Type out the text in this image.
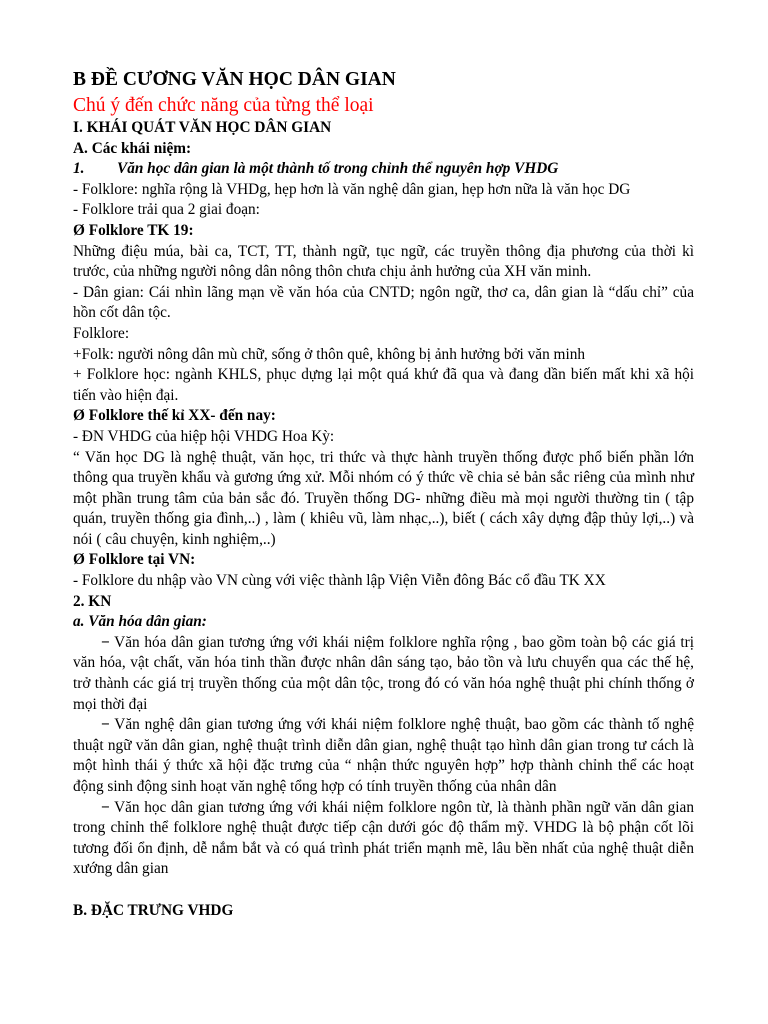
B ĐỀ CƯƠNG VĂN HỌC DÂN GIAN
Chú ý đến chức năng của từng thể loại
I. KHÁI QUÁT VĂN HỌC DÂN GIAN
A. Các khái niệm:
1. Văn học dân gian là một thành tố trong chỉnh thể nguyên hợp VHDG

- Folklore: nghĩa rộng là VHDg, hẹp hơn là văn nghệ dân gian, hẹp hơn nữa là văn học DG

- Folklore trải qua 2 giai đoạn:

Ø Folklore TK 19:

Những điệu múa, bài ca, TCT, TT, thành ngữ, tục ngữ, các truyền thông địa phương của thời kì trước, của những người nông dân nông thôn chưa chịu ảnh hưởng của XH văn minh.

- Dân gian: Cái nhìn lãng mạn về văn hóa của CNTD; ngôn ngữ, thơ ca, dân gian là “dấu chỉ” của hồn cốt dân tộc.

Folklore:

+Folk: người nông dân mù chữ, sống ở thôn quê, không bị ảnh hưởng bởi văn minh

+ Folklore học: ngành KHLS, phục dựng lại một quá khứ đã qua và đang dần biến mất khi xã hội tiến vào hiện đại.

Ø Folklore thế kỉ XX- đến nay:

- ĐN VHDG của hiệp hội VHDG Hoa Kỳ:

“ Văn học DG là nghệ thuật, văn học, tri thức và thực hành truyền thống được phổ biến phần lớn thông qua truyền khẩu và gương ứng xử. Mỗi nhóm có ý thức về chia sẻ bản sắc riêng của mình như một phần trung tâm của bản sắc đó. Truyền thống DG- những điều mà mọi người thường tin ( tập quán, truyền thống gia đình,..) , làm ( khiêu vũ, làm nhạc,..), biết ( cách xây dựng đập thủy lợi,..) và nói ( câu chuyện, kinh nghiệm,..)

Ø Folklore tại VN:

- Folklore du nhập vào VN cùng với việc thành lập Viện Viễn đông Bác cổ đầu TK XX

2. KN

a. Văn hóa dân gian:

− Văn hóa dân gian tương ứng với khái niệm folklore nghĩa rộng , bao gồm toàn bộ các giá trị văn hóa, vật chất, văn hóa tinh thần được nhân dân sáng tạo, bảo tồn và lưu chuyển qua các thế hệ, trở thành các giá trị truyền thống của một dân tộc, trong đó có văn hóa nghệ thuật phi chính thống ở mọi thời đại

− Văn nghệ dân gian tương ứng với khái niệm folklore nghệ thuật, bao gồm các thành tố nghệ thuật ngữ văn dân gian, nghệ thuật trình diễn dân gian, nghệ thuật tạo hình dân gian trong tư cách là một hình thái ý thức xã hội đặc trưng của “ nhận thức nguyên hợp” hợp thành chỉnh thể các hoạt động sinh động sinh hoạt văn nghệ tổng hợp có tính truyền thống của nhân dân

− Văn học dân gian tương ứng với khái niệm folklore ngôn từ, là thành phần ngữ văn dân gian trong chỉnh thể folklore nghệ thuật được tiếp cận dưới góc độ thẩm mỹ. VHDG là bộ phận cốt lõi tương đối ổn định, dễ nắm bắt và có quá trình phát triển mạnh mẽ, lâu bền nhất của nghệ thuật diễn xướng dân gian

B. ĐẶC TRƯNG VHDG
